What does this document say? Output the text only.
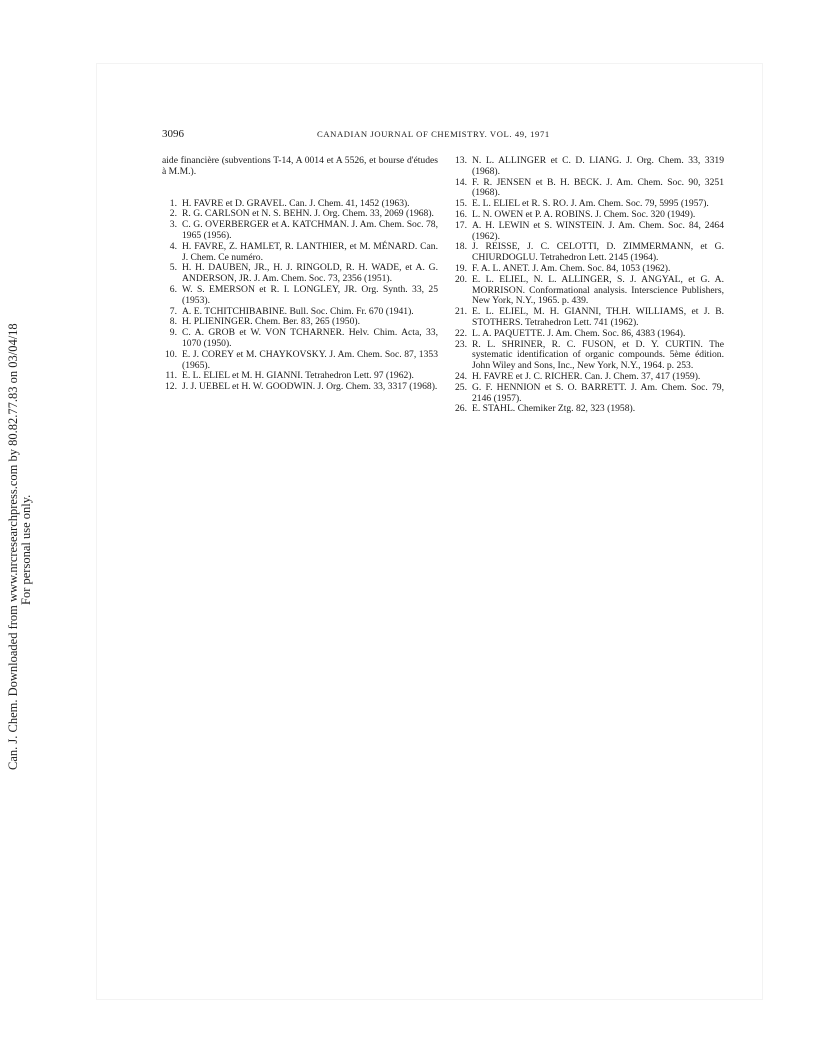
Can. J. Chem. Downloaded from www.nrcresearchpress.com by 80.82.77.83 on 03/04/18 For personal use only.
3096	CANADIAN JOURNAL OF CHEMISTRY. VOL. 49, 1971

aide financière (subventions T-14, A 0014 et A 5526, et bourse d'études à M.M.).

1. H. FAVRE et D. GRAVEL. Can. J. Chem. 41, 1452 (1963).
2. R. G. CARLSON et N. S. BEHN. J. Org. Chem. 33, 2069 (1968).
3. C. G. OVERBERGER et A. KATCHMAN. J. Am. Chem. Soc. 78, 1965 (1956).
4. H. FAVRE, Z. HAMLET, R. LANTHIER, et M. MÉNARD. Can. J. Chem. Ce numéro.
5. H. H. DAUBEN, JR., H. J. RINGOLD, R. H. WADE, et A. G. ANDERSON, JR. J. Am. Chem. Soc. 73, 2356 (1951).
6. W. S. EMERSON et R. I. LONGLEY, JR. Org. Synth. 33, 25 (1953).
7. A. E. TCHITCHIBABINE. Bull. Soc. Chim. Fr. 670 (1941).
8. H. PLIENINGER. Chem. Ber. 83, 265 (1950).
9. C. A. GROB et W. VON TCHARNER. Helv. Chim. Acta, 33, 1070 (1950).
10. E. J. COREY et M. CHAYKOVSKY. J. Am. Chem. Soc. 87, 1353 (1965).
11. E. L. ELIEL et M. H. GIANNI. Tetrahedron Lett. 97 (1962).
12. J. J. UEBEL et H. W. GOODWIN. J. Org. Chem. 33, 3317 (1968).
13. N. L. ALLINGER et C. D. LIANG. J. Org. Chem. 33, 3319 (1968).
14. F. R. JENSEN et B. H. BECK. J. Am. Chem. Soc. 90, 3251 (1968).
15. E. L. ELIEL et R. S. RO. J. Am. Chem. Soc. 79, 5995 (1957).
16. L. N. OWEN et P. A. ROBINS. J. Chem. Soc. 320 (1949).
17. A. H. LEWIN et S. WINSTEIN. J. Am. Chem. Soc. 84, 2464 (1962).
18. J. REISSE, J. C. CELOTTI, D. ZIMMERMANN, et G. CHIURDOGLU. Tetrahedron Lett. 2145 (1964).
19. F. A. L. ANET. J. Am. Chem. Soc. 84, 1053 (1962).
20. E. L. ELIEL, N. L. ALLINGER, S. J. ANGYAL, et G. A. MORRISON. Conformational analysis. Interscience Publishers, New York, N.Y., 1965. p. 439.
21. E. L. ELIEL, M. H. GIANNI, TH.H. WILLIAMS, et J. B. STOTHERS. Tetrahedron Lett. 741 (1962).
22. L. A. PAQUETTE. J. Am. Chem. Soc. 86, 4383 (1964).
23. R. L. SHRINER, R. C. FUSON, et D. Y. CURTIN. The systematic identification of organic compounds. 5ème édition. John Wiley and Sons, Inc., New York, N.Y., 1964. p. 253.
24. H. FAVRE et J. C. RICHER. Can. J. Chem. 37, 417 (1959).
25. G. F. HENNION et S. O. BARRETT. J. Am. Chem. Soc. 79, 2146 (1957).
26. E. STAHL. Chemiker Ztg. 82, 323 (1958).
